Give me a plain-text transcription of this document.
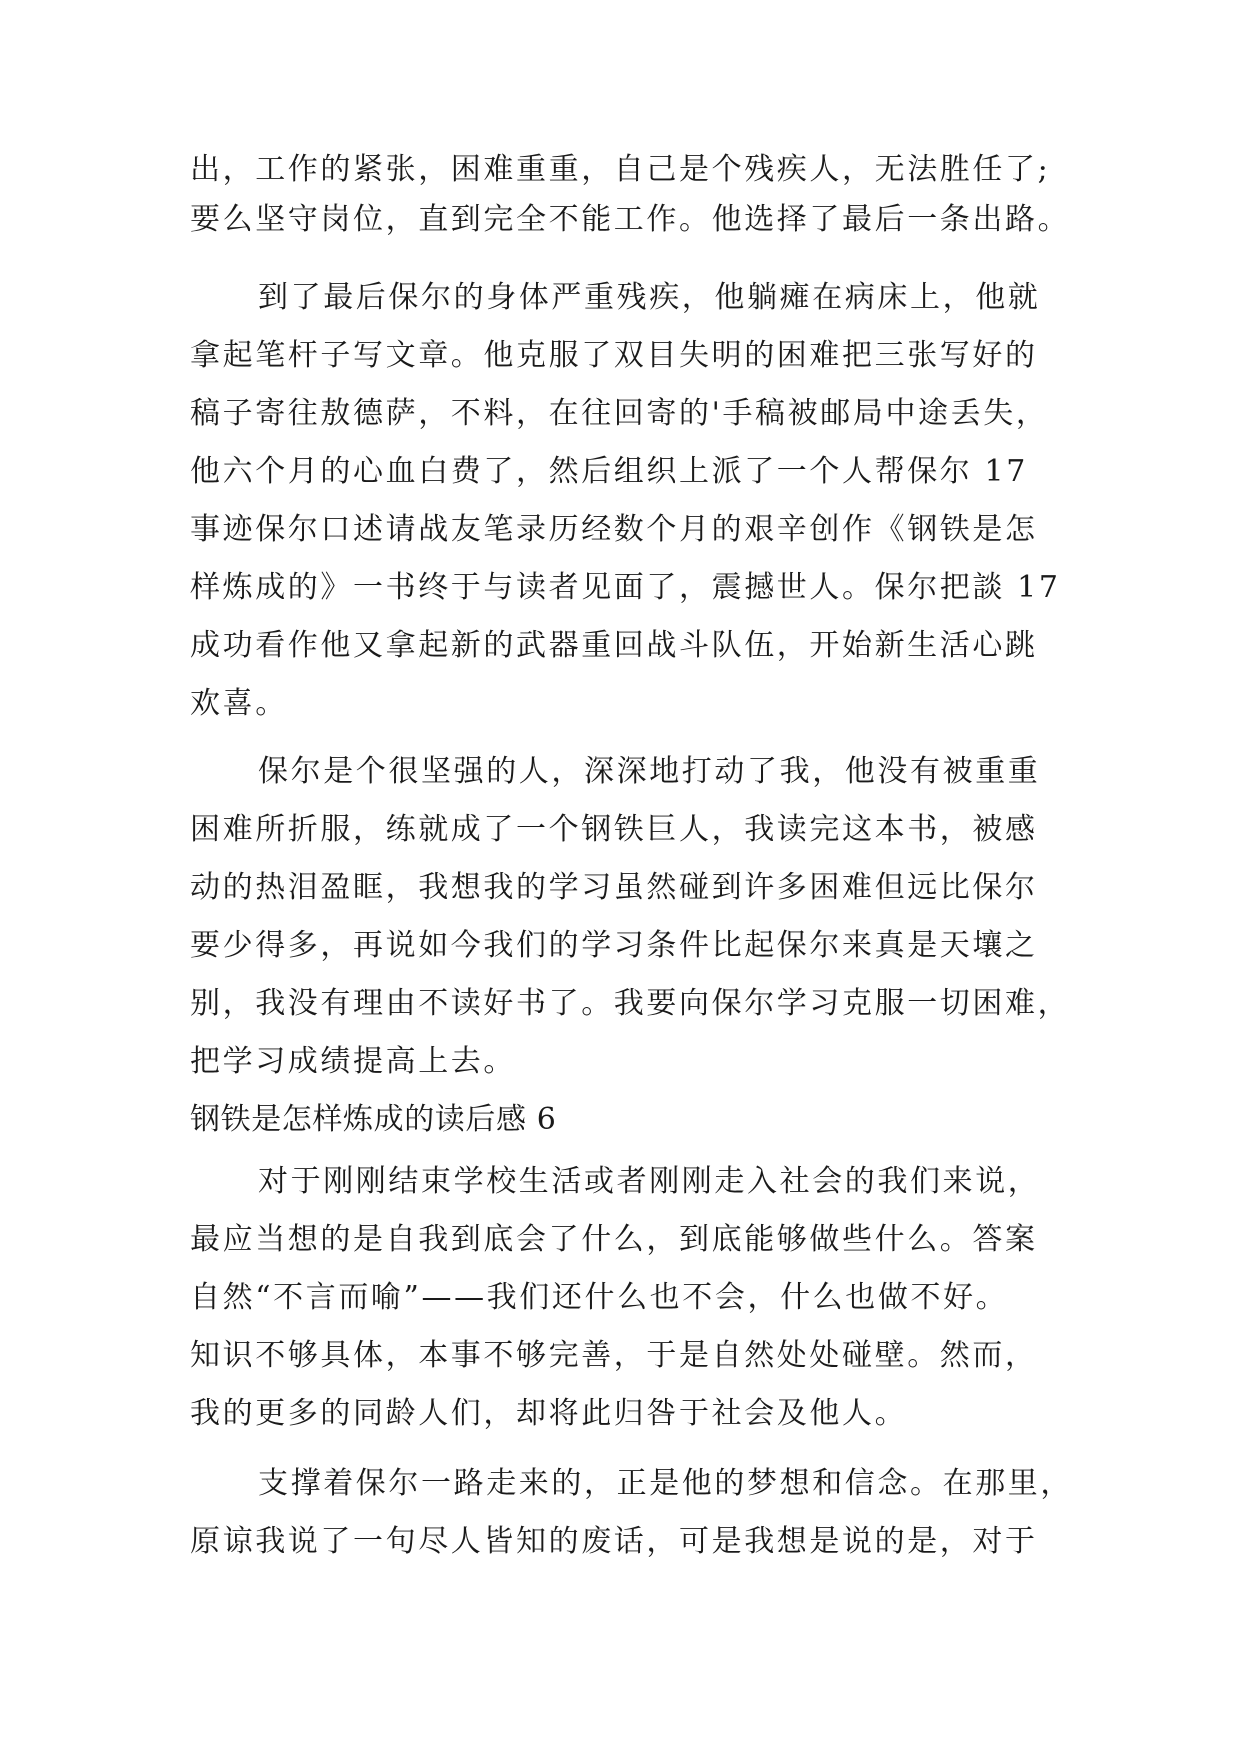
出，工作的紧张，困难重重，自己是个残疾人，无法胜任了;
要么坚守岗位，直到完全不能工作。他选择了最后一条出路。
到了最后保尔的身体严重残疾，他躺瘫在病床上，他就
拿起笔杆子写文章。他克服了双目失明的困难把三张写好的
稿子寄往敖德萨，不料，在往回寄的'手稿被邮局中途丢失，
他六个月的心血白费了，然后组织上派了一个人帮保尔 17
事迹保尔口述请战友笔录历经数个月的艰辛创作《钢铁是怎
样炼成的》一书终于与读者见面了，震撼世人。保尔把談 17
成功看作他又拿起新的武器重回战斗队伍，开始新生活心跳
欢喜。
保尔是个很坚强的人，深深地打动了我，他没有被重重
困难所折服，练就成了一个钢铁巨人，我读完这本书，被感
动的热泪盈眶，我想我的学习虽然碰到许多困难但远比保尔
要少得多，再说如今我们的学习条件比起保尔来真是天壤之
别，我没有理由不读好书了。我要向保尔学习克服一切困难，
把学习成绩提高上去。
钢铁是怎样炼成的读后感 6
对于刚刚结束学校生活或者刚刚走入社会的我们来说，
最应当想的是自我到底会了什么，到底能够做些什么。答案
自然“不言而喻”——我们还什么也不会，什么也做不好。
知识不够具体，本事不够完善，于是自然处处碰壁。然而，
我的更多的同龄人们，却将此归咎于社会及他人。
支撑着保尔一路走来的，正是他的梦想和信念。在那里，
原谅我说了一句尽人皆知的废话，可是我想是说的是，对于
